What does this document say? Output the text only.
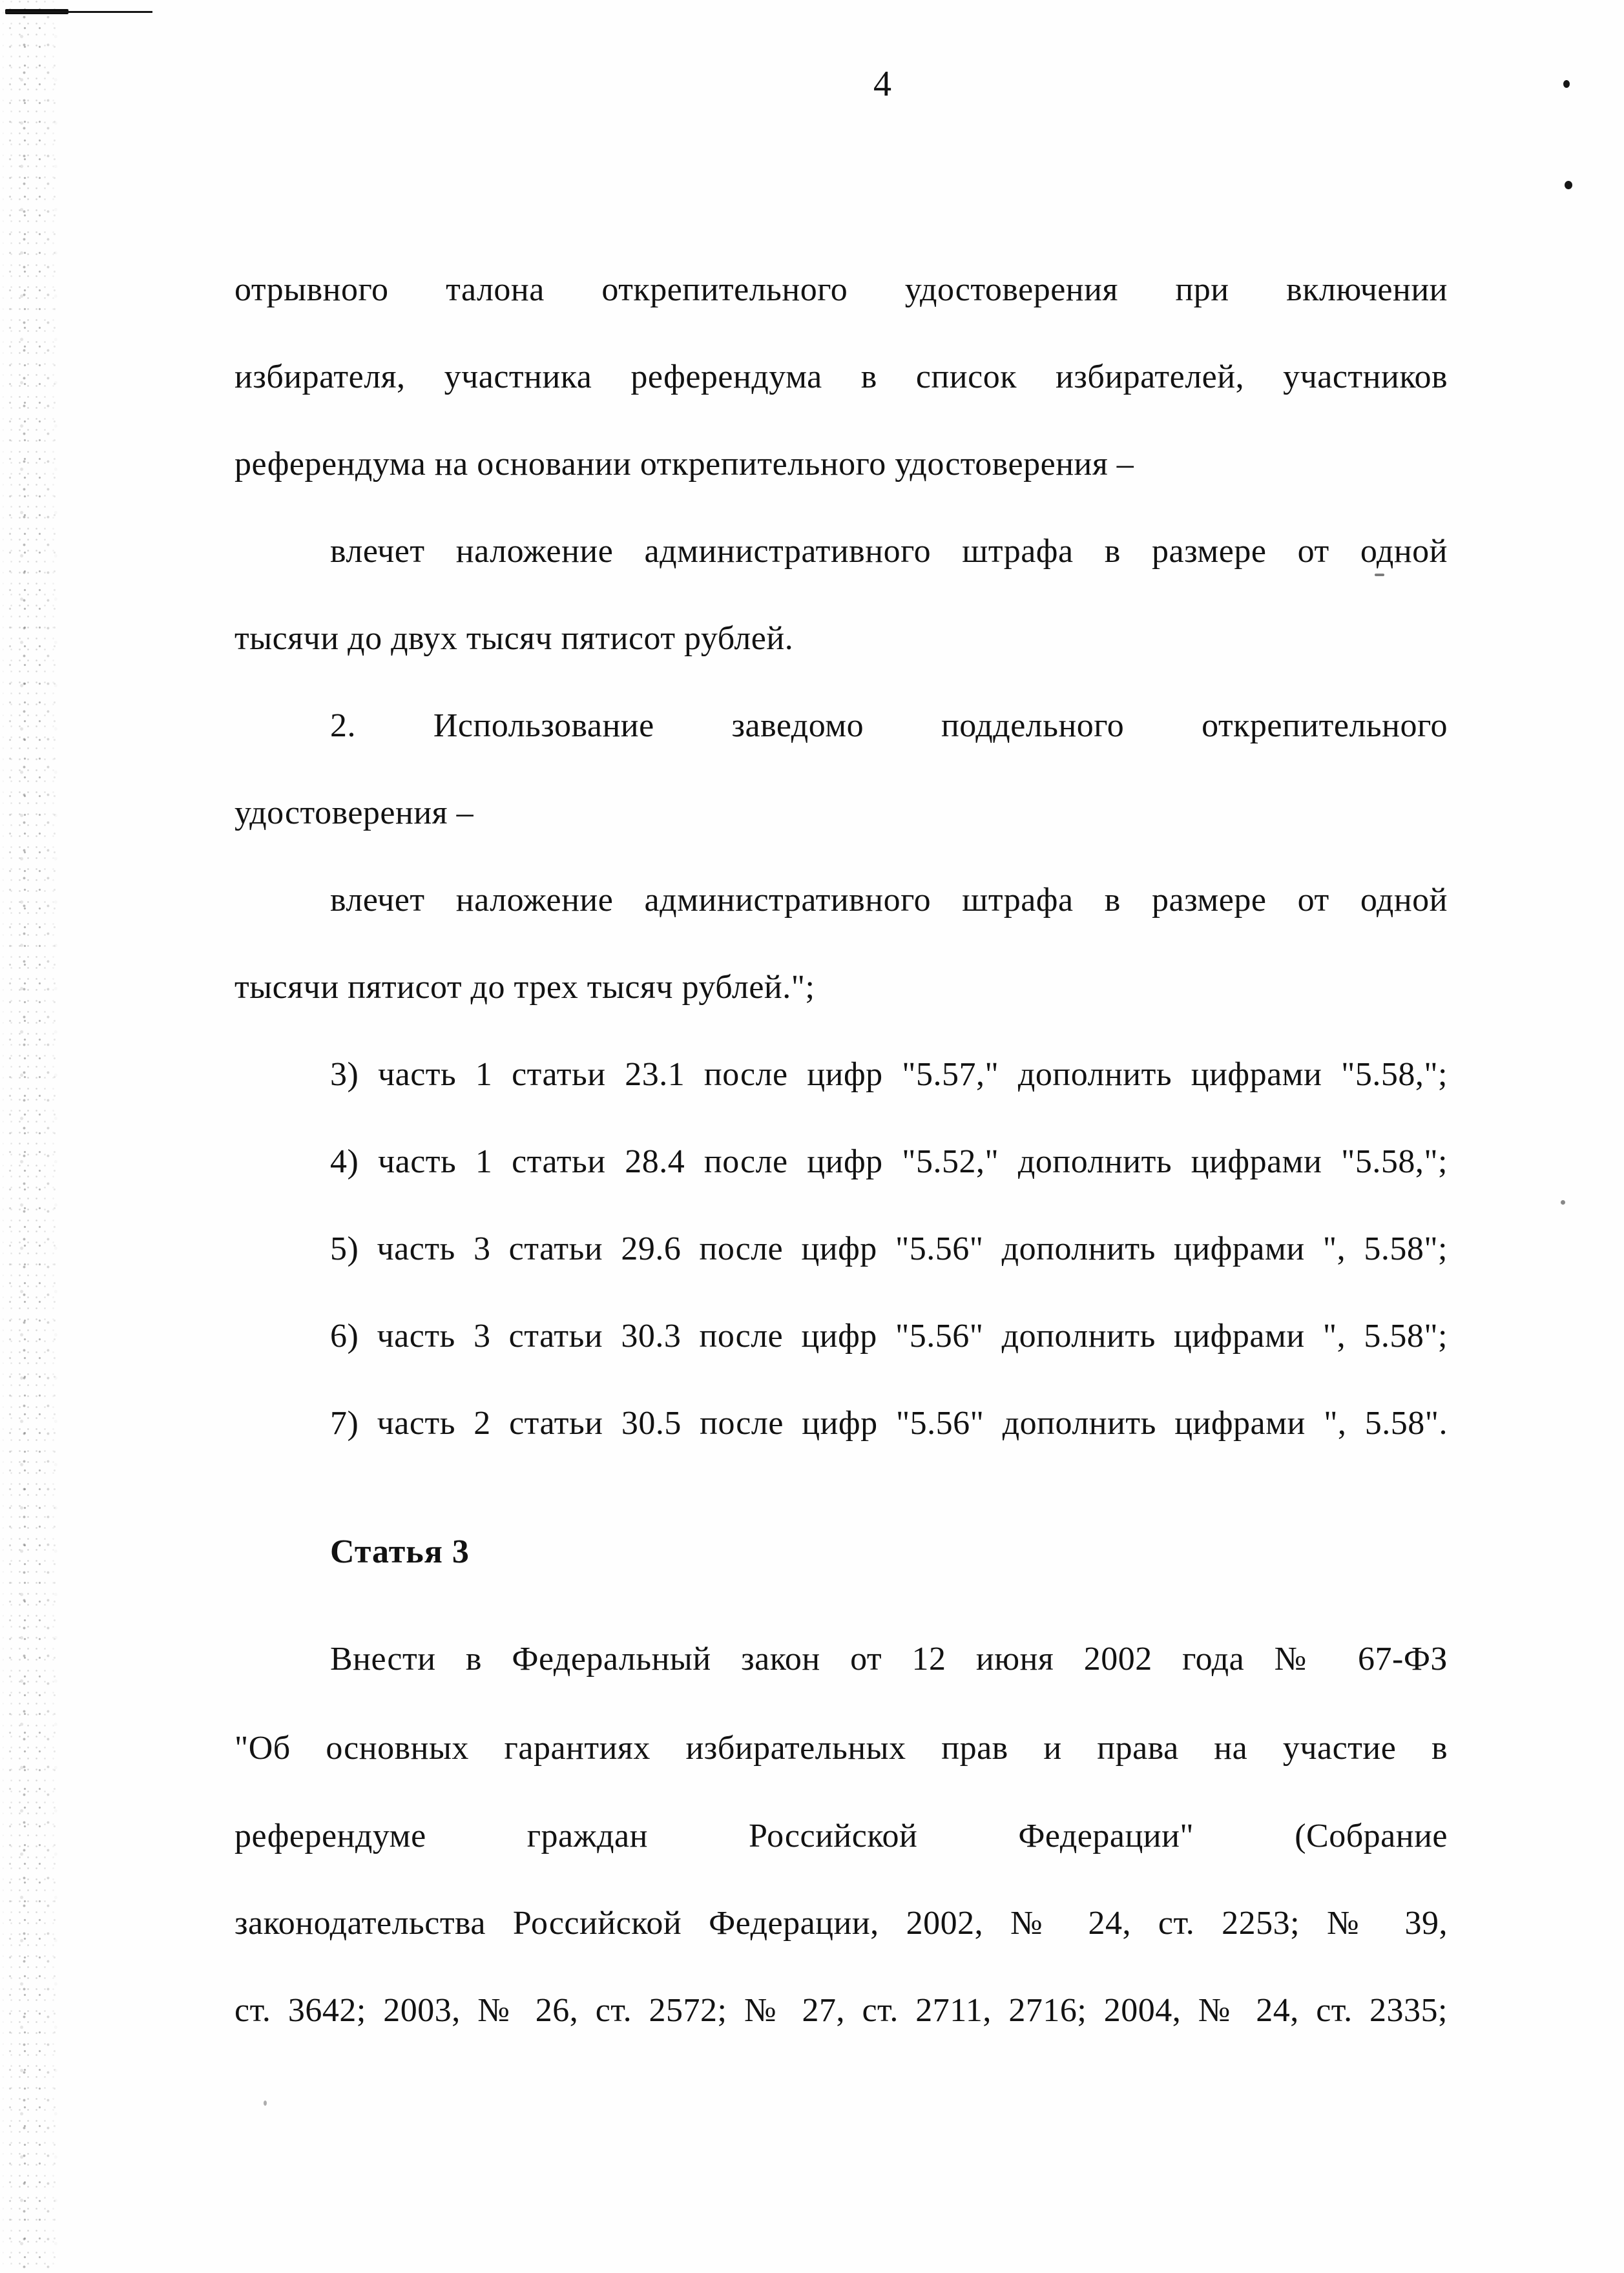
4
отрывного талона открепительного удостоверения при включении
избирателя, участника референдума в список избирателей, участников
референдума на основании открепительного удостоверения –
влечет наложение административного штрафа в размере от одной
тысячи до двух тысяч пятисот рублей.
2. Использование заведомо поддельного открепительного
удостоверения –
влечет наложение административного штрафа в размере от одной
тысячи пятисот до трех тысяч рублей.";
3) часть 1 статьи 23.1 после цифр "5.57," дополнить цифрами "5.58,";
4) часть 1 статьи 28.4 после цифр "5.52," дополнить цифрами "5.58,";
5) часть 3 статьи 29.6 после цифр "5.56" дополнить цифрами ", 5.58";
6) часть 3 статьи 30.3 после цифр "5.56" дополнить цифрами ", 5.58";
7) часть 2 статьи 30.5 после цифр "5.56" дополнить цифрами ", 5.58".
Статья 3
Внести в Федеральный закон от 12 июня 2002 года № 67-ФЗ
"Об основных гарантиях избирательных прав и права на участие в
референдуме граждан Российской Федерации" (Собрание
законодательства Российской Федерации, 2002, № 24, ст. 2253; № 39,
ст. 3642; 2003, № 26, ст. 2572; № 27, ст. 2711, 2716; 2004, № 24, ст. 2335;
